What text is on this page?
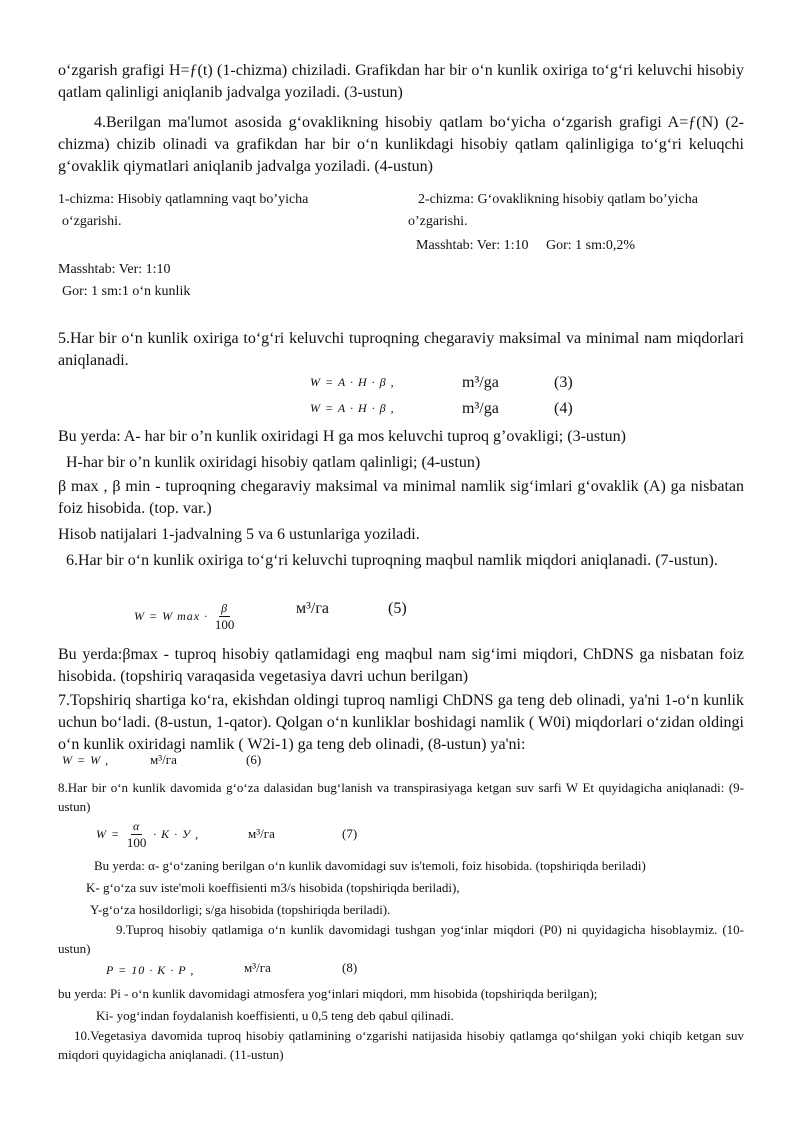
o‘zgarish grafigi H=ƒ(t) (1-chizma) chiziladi. Grafikdan har bir o‘n kunlik oxiriga to‘g‘ri keluvchi hisobiy qatlam qalinligi aniqlanib jadvalga yoziladi. (3-ustun)
4.Berilgan ma'lumot asosida g‘ovaklikning hisobiy qatlam bo‘yicha o‘zgarish grafigi A=ƒ(N) (2-chizma) chizib olinadi va grafikdan har bir o‘n kunlikdagi hisobiy qatlam qalinligiga to‘g‘ri keluqchi g‘ovaklik qiymatlari aniqlanib jadvalga yoziladi. (4-ustun)
1-chizma: Hisobiy qatlamning vaqt bo’yicha
o‘zgarishi.
2-chizma: G‘ovaklikning hisobiy qatlam bo’yicha
o’zgarishi.
Masshtab: Ver: 1:10     Gor: 1 sm:0,2%
Masshtab: Ver: 1:10
Gor: 1 sm:1 o‘n kunlik
5.Har bir o‘n kunlik oxiriga to‘g‘ri keluvchi tuproqning chegaraviy maksimal va minimal nam miqdorlari aniqlanadi.
W = A · H · β ,	m³/ga	(3)
W = A · H · β ,	m³/ga	(4)
Bu yerda: A- har bir o’n kunlik oxiridagi H ga mos keluvchi tuproq g’ovakligi; (3-ustun)
H-har bir o’n kunlik oxiridagi hisobiy qatlam qalinligi; (4-ustun)
β max , β min - tuproqning chegaraviy maksimal va minimal namlik sig‘imlari g‘ovaklik (A) ga nisbatan foiz hisobida. (top. var.)
Hisob natijalari 1-jadvalning 5 va 6 ustunlariga yoziladi.
6.Har bir o‘n kunlik oxiriga to‘g‘ri keluvchi tuproqning maqbul namlik miqdori aniqlanadi. (7-ustun).
W = W $\max \cdot \frac{\beta}{100}$	м³/га	(5)
Bu yerda:βmax - tuproq hisobiy qatlamidagi eng maqbul nam sig‘imi miqdori, ChDNS ga nisbatan foiz hisobida. (topshiriq varaqasida vegetasiya davri uchun berilgan)
7.Topshiriq shartiga ko‘ra, ekishdan oldingi tuproq namligi ChDNS ga teng deb olinadi, ya'ni 1-o‘n kunlik uchun bo‘ladi. (8-ustun, 1-qator). Qolgan o‘n kunliklar boshidagi namlik ( W0i) miqdorlari o‘zidan oldingi o‘n kunlik oxiridagi namlik ( W2i-1) ga teng deb olinadi, (8-ustun) ya'ni:
W = W ,	м³/га	(6)
8.Har bir o‘n kunlik davomida g‘o‘za dalasidan bug‘lanish va transpirasiyaga ketgan suv sarfi W Et quyidagicha aniqlanadi: (9-ustun)
$W = \frac{\alpha}{100} \cdot K \cdot У$ ,	м³/га	(7)
Bu yerda: α- g‘o‘zaning berilgan o‘n kunlik davomidagi suv is'temoli, foiz hisobida. (topshiriqda beriladi)
K- g‘o‘za suv iste'moli koeffisienti m3/s hisobida (topshiriqda beriladi),
Y-g‘o‘za hosildorligi; s/ga hisobida (topshiriqda beriladi).
9.Tuproq hisobiy qatlamiga o‘n kunlik davomidagi tushgan yog‘inlar miqdori (P0) ni quyidagicha hisoblaymiz. (10-ustun)
P = 10 · K · P ,	м³/га	(8)
bu yerda: Pi - o‘n kunlik davomidagi atmosfera yog‘inlari miqdori, mm hisobida (topshiriqda berilgan);
Ki- yog‘indan foydalanish koeffisienti, u 0,5 teng deb qabul qilinadi.
10.Vegetasiya davomida tuproq hisobiy qatlamining o‘zgarishi natijasida hisobiy qatlamga qo‘shilgan yoki chiqib ketgan suv miqdori quyidagicha aniqlanadi. (11-ustun)
